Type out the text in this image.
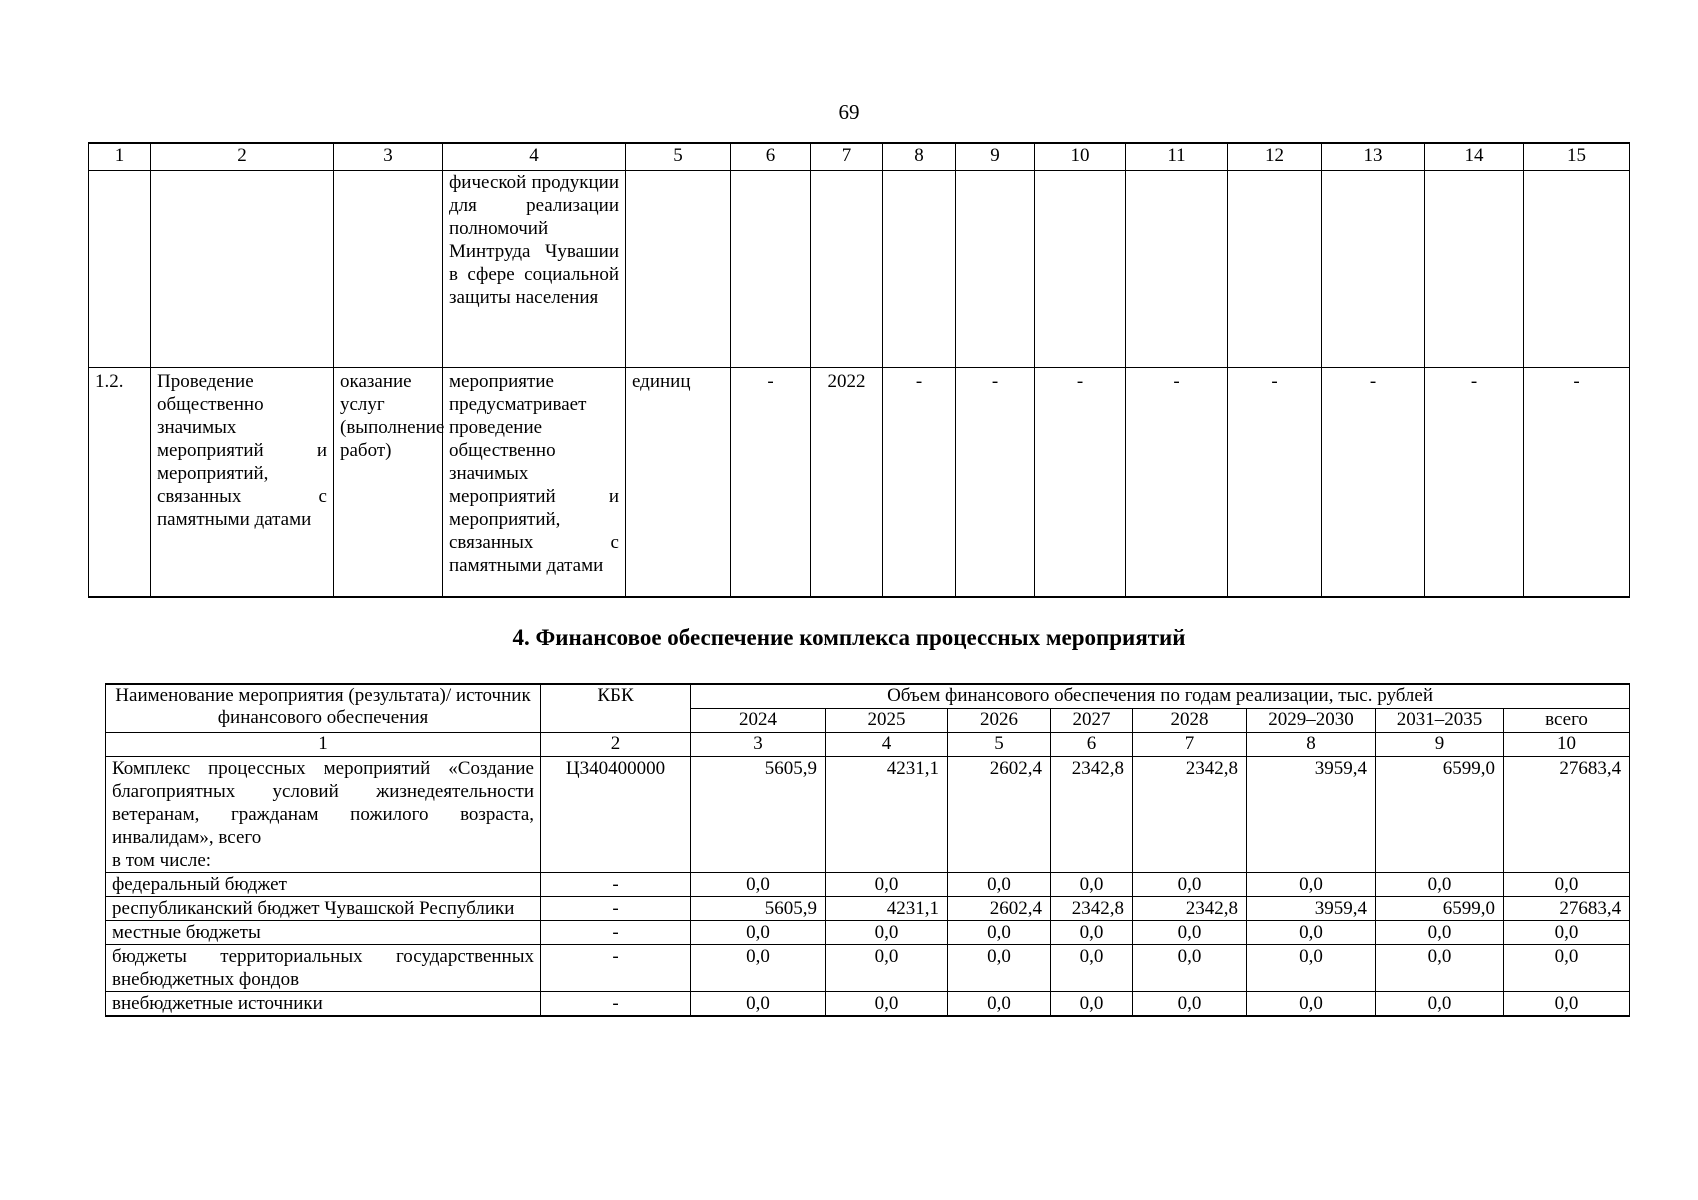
69
1	2	3	4	5	6	7	8	9	10	11	12	13	14	15
			фической продукции для реализации полномочий Минтруда Чувашии в сфере социальной защиты населения											
1.2.	Проведение общественно значимых мероприятий и мероприятий, связанных с памятными датами	оказание услуг (выполнение работ)	мероприятие предусматривает проведение общественно значимых мероприятий и мероприятий, связанных с памятными датами	единиц	-	2022	-	-	-	-	-	-	-	-
4. Финансовое обеспечение комплекса процессных мероприятий
Наименование мероприятия (результата)/ источник финансового обеспечения	КБК	Объем финансового обеспечения по годам реализации, тыс. рублей							
		2024	2025	2026	2027	2028	2029–2030	2031–2035	всего
1	2	3	4	5	6	7	8	9	10
Комплекс процессных мероприятий «Создание благоприятных условий жизнедеятельности ветеранам, гражданам пожилого возраста, инвалидам», всего
в том числе:	Ц340400000	5605,9	4231,1	2602,4	2342,8	2342,8	3959,4	6599,0	27683,4
федеральный бюджет	-	0,0	0,0	0,0	0,0	0,0	0,0	0,0	0,0
республиканский бюджет Чувашской Республики	-	5605,9	4231,1	2602,4	2342,8	2342,8	3959,4	6599,0	27683,4
местные бюджеты	-	0,0	0,0	0,0	0,0	0,0	0,0	0,0	0,0
бюджеты территориальных государственных внебюджетных фондов	-	0,0	0,0	0,0	0,0	0,0	0,0	0,0	0,0
внебюджетные источники	-	0,0	0,0	0,0	0,0	0,0	0,0	0,0	0,0
